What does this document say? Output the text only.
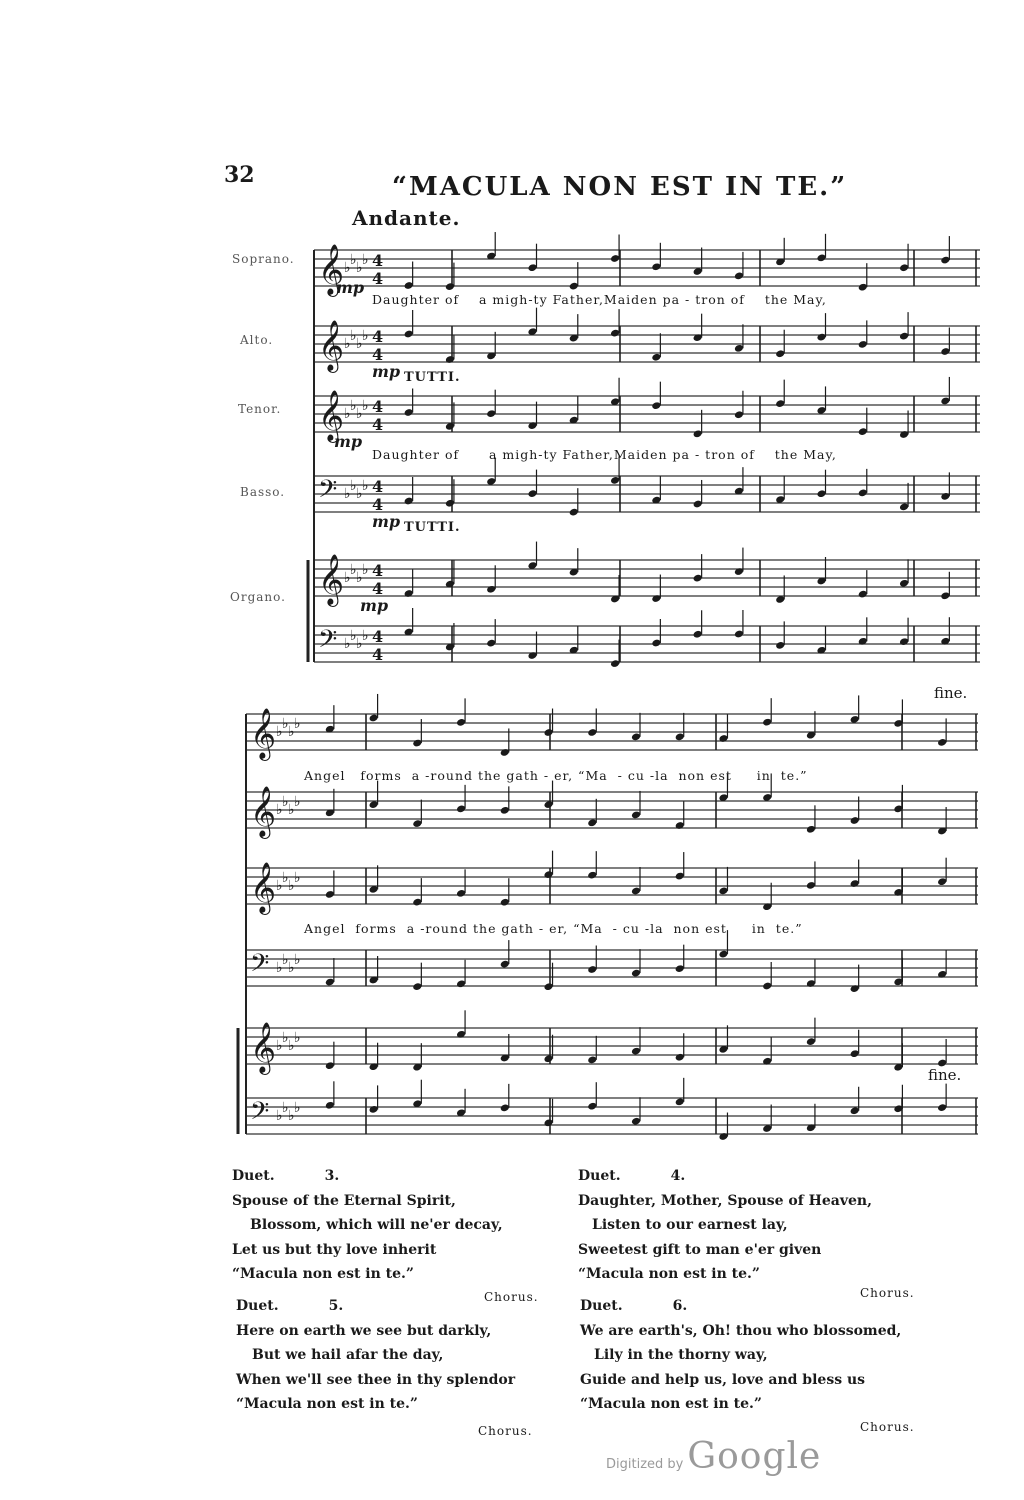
32	“MACULA NON EST IN TE.”
Andante.
𝄞 ♭ ♭ ♭ ♭ 4
4
𝄞 ♭ ♭ ♭ ♭ 4
4
𝄞 ♭ ♭ ♭ ♭ 4
4
𝄢 ♭ ♭ ♭ ♭ 4
4
𝄞 ♭ ♭ ♭ ♭ 4
4
𝄢 ♭ ♭ ♭ ♭ 4
4
𝄞 ♭ ♭ ♭ ♭
𝄞 ♭ ♭ ♭ ♭
𝄞 ♭ ♭ ♭ ♭
𝄢 ♭ ♭ ♭ ♭
𝄞 ♭ ♭ ♭ ♭
𝄢 ♭ ♭ ♭ ♭
Soprano.
Alto.
Tenor.
Basso.
Organo.
mp
Daughter of    a migh-ty Father,Maiden pa - tron of    the May,
mp TUTTI.
mp
Daughter of      a migh-ty Father,Maiden pa - tron of    the May,
mp TUTTI.
mp
fine.
Angel   forms  a -round the gath - er, “Ma  - cu -la  non est     in  te.”
Angel  forms  a -round the gath - er, “Ma  - cu -la  non est     in  te.”
fine.
Duet.	3.
Spouse of the Eternal Spirit,
Blossom, which will ne'er decay,
Let us but thy love inherit
“Macula non est in te.”
Chorus.
Duet.	4.
Daughter, Mother, Spouse of Heaven,
Listen to our earnest lay,
Sweetest gift to man e'er given
“Macula non est in te.”
Chorus.
Duet.	5.
Here on earth we see but darkly,
But we hail afar the day,
When we'll see thee in thy splendor
“Macula non est in te.”
Chorus.
Duet.	6.
We are earth's, Oh! thou who blossomed,
Lily in the thorny way,
Guide and help us, love and bless us
“Macula non est in te.”
Chorus.
Digitized by Google
